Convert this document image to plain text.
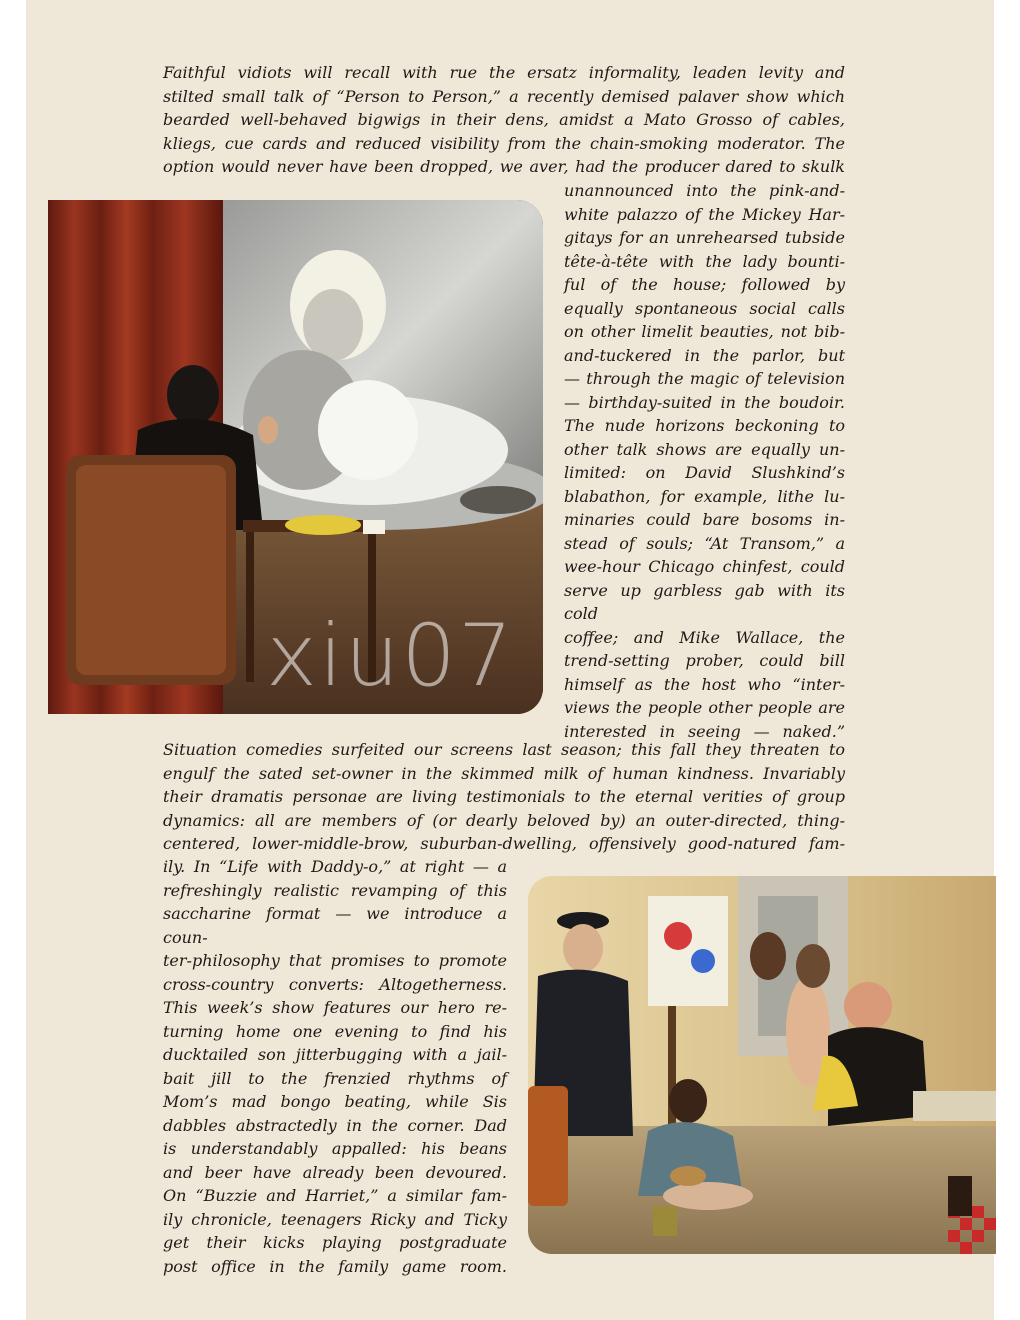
Faithful vidiots will recall with rue the ersatz informality, leaden levity and
stilted small talk of “Person to Person,” a recently demised palaver show which
bearded well-behaved bigwigs in their dens, amidst a Mato Grosso of cables,
kliegs, cue cards and reduced visibility from the chain-smoking moderator. The
option would never have been dropped, we aver, had the producer dared to skulk
unannounced into the pink-and-
white palazzo of the Mickey Har-
gitays for an unrehearsed tubside
tête-à-tête with the lady bounti-
ful of the house; followed by
equally spontaneous social calls
on other limelit beauties, not bib-
and-tuckered in the parlor, but
— through the magic of television
— birthday-suited in the boudoir.
The nude horizons beckoning to
other talk shows are equally un-
limited: on David Slushkind’s
blabathon, for example, lithe lu-
minaries could bare bosoms in-
stead of souls; “At Transom,” a
wee-hour Chicago chinfest, could
serve up garbless gab with its cold
coffee; and Mike Wallace, the
trend-setting prober, could bill
himself as the host who “inter-
views the people other people are
interested in seeing — naked.”
Situation comedies surfeited our screens last season; this fall they threaten to
engulf the sated set-owner in the skimmed milk of human kindness. Invariably
their dramatis personae are living testimonials to the eternal verities of group
dynamics: all are members of (or dearly beloved by) an outer-directed, thing-
centered, lower-middle-brow, suburban-dwelling, offensively good-natured fam-
ily. In “Life with Daddy-o,” at right — a
refreshingly realistic revamping of this
saccharine format — we introduce a coun-
ter-philosophy that promises to promote
cross-country converts: Altogetherness.
This week’s show features our hero re-
turning home one evening to find his
ducktailed son jitterbugging with a jail-
bait jill to the frenzied rhythms of
Mom’s mad bongo beating, while Sis
dabbles abstractedly in the corner. Dad
is understandably appalled: his beans
and beer have already been devoured.
On “Buzzie and Harriet,” a similar fam-
ily chronicle, teenagers Ricky and Ticky
get their kicks playing postgraduate
post office in the family game room.
xiu07
